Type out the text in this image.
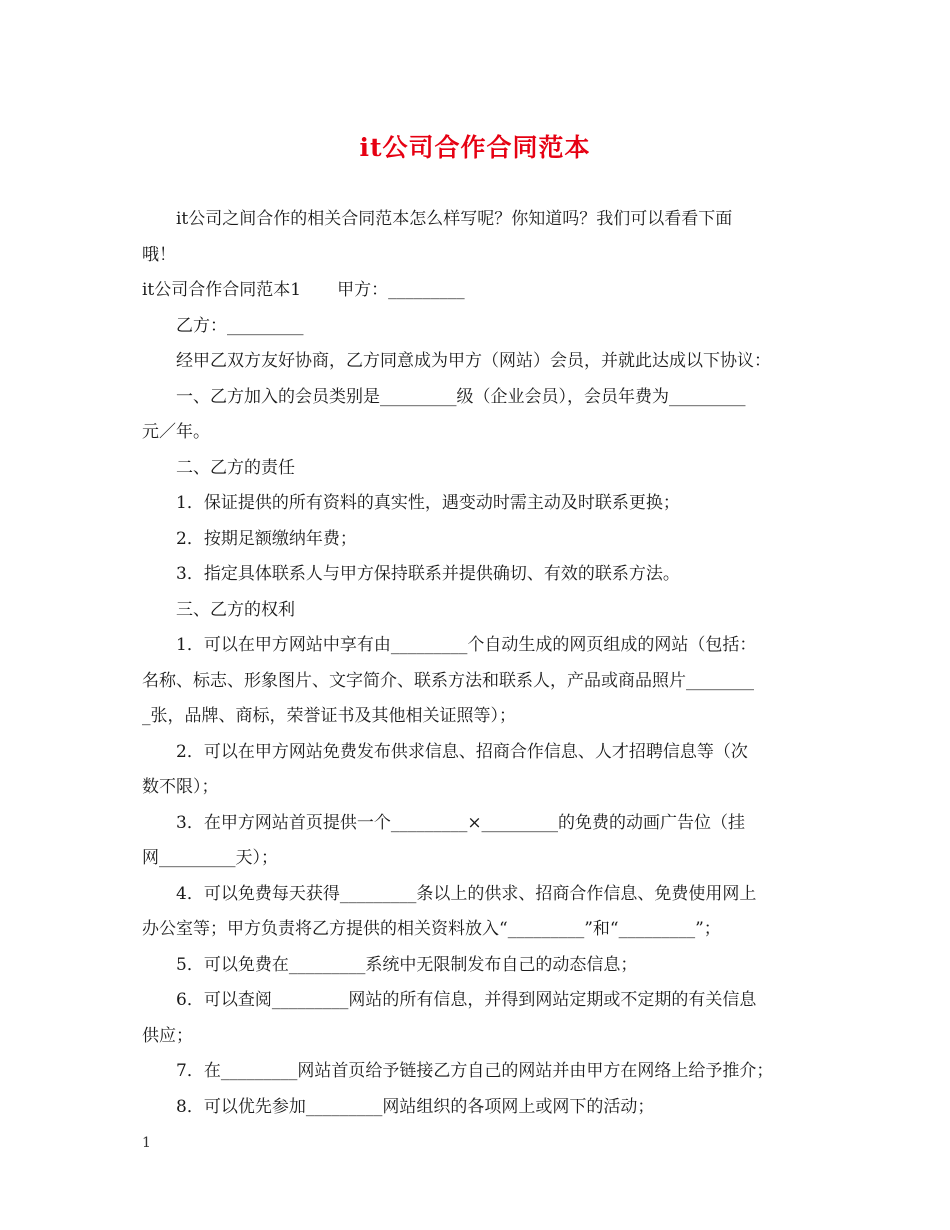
it公司合作合同范本

it公司之间合作的相关合同范本怎么样写呢？你知道吗？我们可以看看下面

哦！

it公司合作合同范本1 甲方：_________

乙方：_________

经甲乙双方友好协商，乙方同意成为甲方（网站）会员，并就此达成以下协议：

一、乙方加入的会员类别是_________级（企业会员），会员年费为_________

元／年。

二、乙方的责任

1．保证提供的所有资料的真实性，遇变动时需主动及时联系更换；

2．按期足额缴纳年费；

3．指定具体联系人与甲方保持联系并提供确切、有效的联系方法。

三、乙方的权利

1．可以在甲方网站中享有由_________个自动生成的网页组成的网站（包括：

名称、标志、形象图片、文字简介、联系方法和联系人，产品或商品照片________

_张，品牌、商标，荣誉证书及其他相关证照等）；

2．可以在甲方网站免费发布供求信息、招商合作信息、人才招聘信息等（次

数不限）；

3．在甲方网站首页提供一个_________×_________的免费的动画广告位（挂

网_________天）；

4．可以免费每天获得_________条以上的供求、招商合作信息、免费使用网上

办公室等；甲方负责将乙方提供的相关资料放入“_________”和“_________”；

5．可以免费在_________系统中无限制发布自己的动态信息；

6．可以查阅_________网站的所有信息，并得到网站定期或不定期的有关信息

供应；

7．在_________网站首页给予链接乙方自己的网站并由甲方在网络上给予推介；

8．可以优先参加_________网站组织的各项网上或网下的活动；

1
